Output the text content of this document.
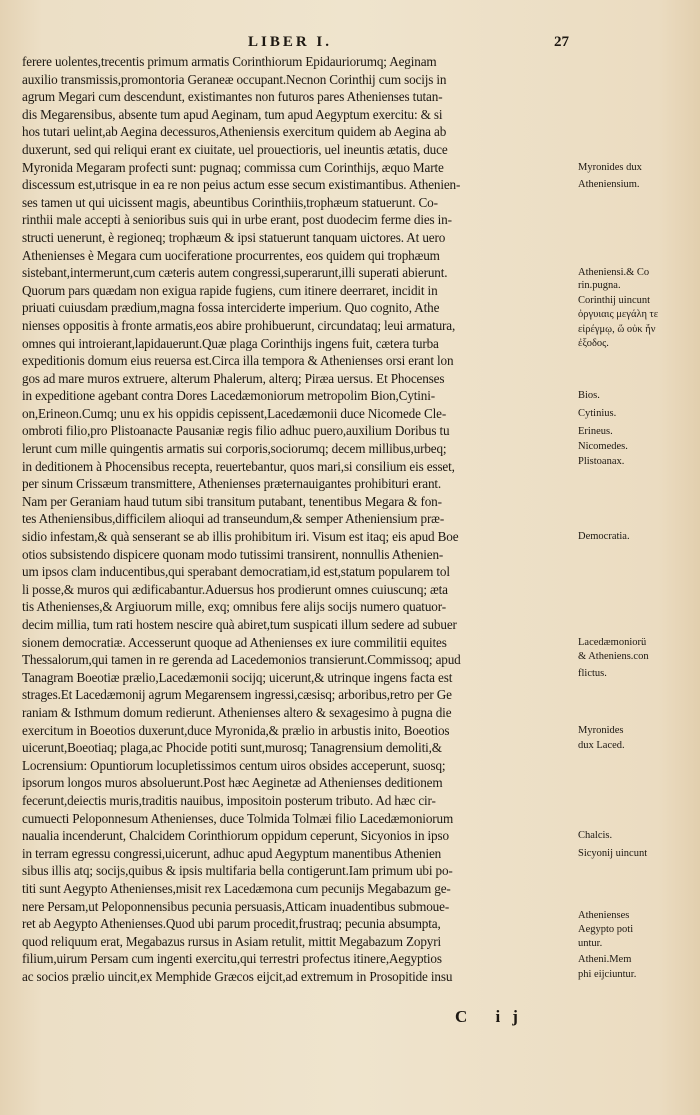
LIBER I.	27
ferere uolentes,trecentis primum armatis Corinthiorum Epidauriorumq; Aeginam
auxilio transmissis,promontoria Geraneæ occupant.Necnon Corinthij cum socijs in
agrum Megari cum descendunt, existimantes non futuros pares Athenienses tutan-
dis Megarensibus, absente tum apud Aeginam, tum apud Aegyptum exercitu: & si
hos tutari uelint,ab Aegina decessuros,Atheniensis exercitum quidem ab Aegina ab
duxerunt, sed qui reliqui erant ex ciuitate, uel prouectioris, uel ineuntis ætatis, duce
Myronida Megaram profecti sunt: pugnaq; commissa cum Corinthijs, æquo Marte
discessum est,utrisque in ea re non peius actum esse secum existimantibus. Athenien-
ses tamen ut qui uicissent magis, abeuntibus Corinthiis,trophæum statuerunt. Co-
rinthii male accepti à senioribus suis qui in urbe erant, post duodecim ferme dies in-
structi uenerunt, è regioneq; trophæum & ipsi statuerunt tanquam uictores. At uero
Athenienses è Megara cum uociferatione procurrentes, eos quidem qui trophæum
sistebant,intermerunt,cum cæteris autem congressi,superarunt,illi superati abierunt.
Quorum pars quædam non exigua rapide fugiens, cum itinere deerraret, incidit in
priuati cuiusdam prædium,magna fossa interciderte imperium. Quo cognito, Athe
nienses oppositis à fronte armatis,eos abire prohibuerunt, circundataq; leui armatura,
omnes qui introierant,lapidauerunt.Quæ plaga Corinthijs ingens fuit, cætera turba
expeditionis domum eius reuersa est.Circa illa tempora & Athenienses orsi erant lon
gos ad mare muros extruere, alterum Phalerum, alterq; Piræa uersus. Et Phocenses
in expeditione agebant contra Dores Lacedæmoniorum metropolim Bion,Cytini-
on,Erineon.Cumq; unu ex his oppidis cepissent,Lacedæmonii duce Nicomede Cle-
ombroti filio,pro Plistoanacte Pausaniæ regis filio adhuc puero,auxilium Doribus tu
lerunt cum mille quingentis armatis sui corporis,sociorumq; decem millibus,urbeq;
in deditionem à Phocensibus recepta, reuertebantur, quos mari,si consilium eis esset,
per sinum Crissæum transmittere, Athenienses præternauigantes prohibituri erant.
Nam per Geraniam haud tutum sibi transitum putabant, tenentibus Megara & fon-
tes Atheniensibus,difficilem alioqui ad transeundum,& semper Atheniensium præ-
sidio infestam,& quà senserant se ab illis prohibitum iri. Visum est itaq; eis apud Boe
otios subsistendo dispicere quonam modo tutissimi transirent, nonnullis Athenien-
um ipsos clam inducentibus,qui sperabant democratiam,id est,statum popularem tol
li posse,& muros qui ædificabantur.Aduersus hos prodierunt omnes cuiuscunq; æta
tis Athenienses,& Argiuorum mille, exq; omnibus fere alijs socijs numero quatuor-
decim millia, tum rati hostem nescire quà abiret,tum suspicati illum sedere ad subuer
sionem democratiæ. Accesserunt quoque ad Athenienses ex iure commilitii equites
Thessalorum,qui tamen in re gerenda ad Lacedemonios transierunt.Commissoq; apud
Tanagram Boeotiæ prælio,Lacedæmonii socijq; uicerunt,& utrinque ingens facta est
strages.Et Lacedæmonij agrum Megarensem ingressi,cæsisq; arboribus,retro per Ge
raniam & Isthmum domum redierunt. Athenienses altero & sexagesimo à pugna die
exercitum in Boeotios duxerunt,duce Myronida,& prælio in arbustis inito, Boeotios
uicerunt,Boeotiaq; plaga,ac Phocide potiti sunt,murosq; Tanagrensium demoliti,&
Locrensium: Opuntiorum locupletissimos centum uiros obsides acceperunt, suosq;
ipsorum longos muros absoluerunt.Post hæc Aeginetæ ad Athenienses deditionem
fecerunt,deiectis muris,traditis nauibus, impositoin posterum tributo. Ad hæc cir-
cumuecti Peloponnesum Athenienses, duce Tolmida Tolmæi filio Lacedæmoniorum
naualia incenderunt, Chalcidem Corinthiorum oppidum ceperunt, Sicyonios in ipso
in terram egressu congressi,uicerunt, adhuc apud Aegyptum manentibus Athenien
sibus illis atq; socijs,quibus & ipsis multifaria bella contigerunt.Iam primum ubi po-
titi sunt Aegypto Athenienses,misit rex Lacedæmona cum pecunijs Megabazum ge-
nere Persam,ut Peloponnensibus pecunia persuasis,Atticam inuadentibus submoue-
ret ab Aegypto Athenienses.Quod ubi parum procedit,frustraq; pecunia absumpta,
quod reliquum erat, Megabazus rursus in Asiam retulit, mittit Megabazum Zopyri
filium,uirum Persam cum ingenti exercitu,qui terrestri profectus itinere,Aegyptios
ac socios prælio uincit,ex Memphide Græcos eijcit,ad extremum in Prosopitide insu
Myronides dux
Atheniensium.
Atheniensi.& Co
rin.pugna.
Corinthij uincunt
ὀργυιαις μεγάλη τε
εἰρέγμῳ, ὥ οὐκ ἦν
ἐξοδος.
Bios.
Cytinius.
Erineus.
Nicomedes.
Plistoanax.
Democratia.
Lacedæmoniorü
& Atheniens.con
flictus.
Myronides
dux Laced.
Chalcis.
Sicyonij uincunt
Athenienses
Aegypto poti
untur.
Atheni.Mem
phi eijciuntur.
C ij
